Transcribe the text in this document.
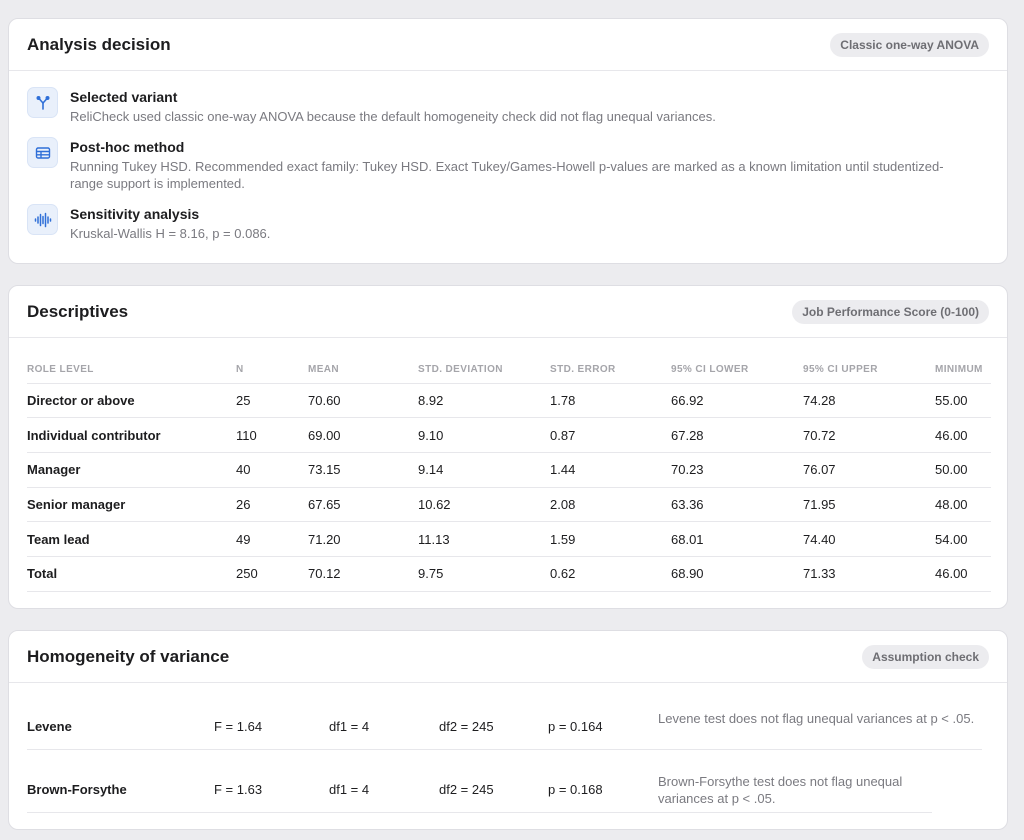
Analysis decision	Classic one-way ANOVA
Selected variant
ReliCheck used classic one-way ANOVA because the default homogeneity check did not flag unequal variances.
Post-hoc method
Running Tukey HSD. Recommended exact family: Tukey HSD. Exact Tukey/Games-Howell p-values are marked as a known limitation until studentized-range support is implemented.
Sensitivity analysis
Kruskal-Wallis H = 8.16, p = 0.086.
Descriptives	Job Performance Score (0-100)
ROLE LEVEL	N	MEAN	STD. DEVIATION	STD. ERROR	95% CI LOWER	95% CI UPPER	MINIMUM
Director or above	25	70.60	8.92	1.78	66.92	74.28	55.00
Individual contributor	110	69.00	9.10	0.87	67.28	70.72	46.00
Manager	40	73.15	9.14	1.44	70.23	76.07	50.00
Senior manager	26	67.65	10.62	2.08	63.36	71.95	48.00
Team lead	49	71.20	11.13	1.59	68.01	74.40	54.00
Total	250	70.12	9.75	0.62	68.90	71.33	46.00
Homogeneity of variance	Assumption check
Levene	F = 1.64	df1 = 4	df2 = 245	p = 0.164
Levene test does not flag unequal variances at p < .05.
Brown-Forsythe	F = 1.63	df1 = 4	df2 = 245	p = 0.168
Brown-Forsythe test does not flag unequal variances at p < .05.
